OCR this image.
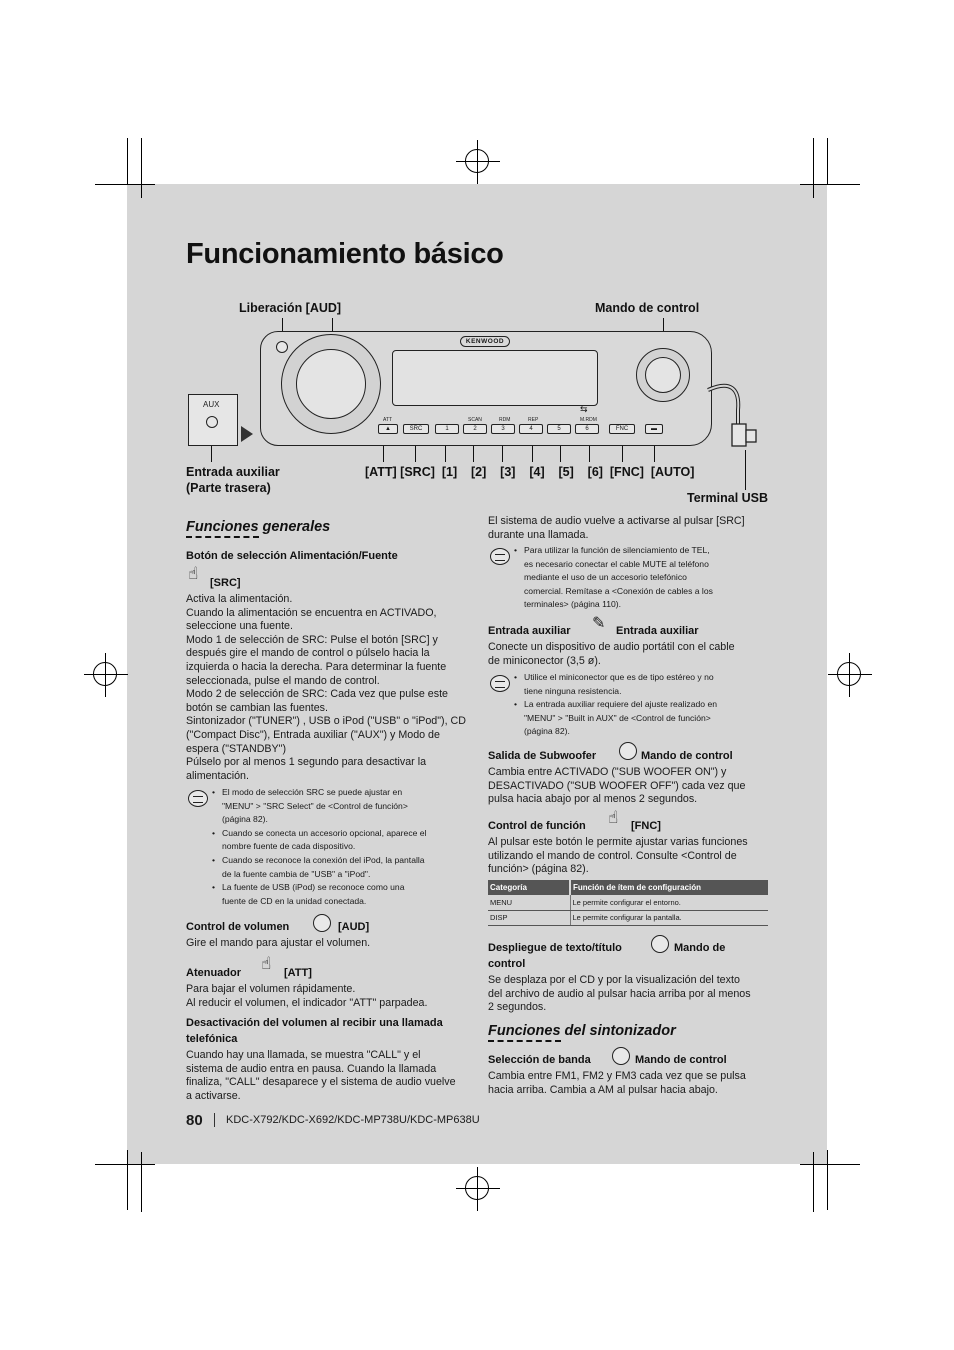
Funcionamiento básico
Liberación [AUD]	Mando de control
Entrada auxiliar
(Parte trasera)
[ATT] [SRC]  [1]    [2]    [3]    [4]    [5]    [6]  [FNC]  [AUTO]
Terminal USB
AUX
KENWOOD
⇆
▲	SRC	1	2	3	4	5	6	FNC	▬
ATT	SCAN	RDM	REP	M.RDM
Funciones generales
Botón de selección Alimentación/Fuente
☝ [SRC]
Activa la alimentación.
Cuando la alimentación se encuentra en ACTIVADO,
seleccione una fuente.
Modo 1 de selección de SRC: Pulse el botón [SRC] y
después gire el mando de control o púlselo hacia la
izquierda o hacia la derecha. Para determinar la fuente
seleccionada, pulse el mando de control.
Modo 2 de selección de SRC: Cada vez que pulse este
botón se cambian las fuentes.
Sintonizador ("TUNER") , USB o iPod ("USB" o "iPod"), CD
("Compact Disc"), Entrada auxiliar ("AUX") y Modo de
espera ("STANDBY")
Púlselo por al menos 1 segundo para desactivar la
alimentación.
• El modo de selección SRC se puede ajustar en
"MENU" > "SRC Select" de <Control de función>
(página 82).
• Cuando se conecta un accesorio opcional, aparece el
nombre fuente de cada dispositivo.
• Cuando se reconoce la conexión del iPod, la pantalla
de la fuente cambia de "USB" a "iPod".
• La fuente de USB (iPod) se reconoce como una
fuente de CD en la unidad conectada.
Control de volumen	[AUD]
Gire el mando para ajustar el volumen.
Atenuador ☝ [ATT]
Para bajar el volumen rápidamente.
Al reducir el volumen, el indicador "ATT" parpadea.
Desactivación del volumen al recibir una llamada
telefónica
Cuando hay una llamada, se muestra "CALL" y el
sistema de audio entra en pausa. Cuando la llamada
finaliza, "CALL" desaparece y el sistema de audio vuelve
a activarse.
El sistema de audio vuelve a activarse al pulsar [SRC]
durante una llamada.
• Para utilizar la función de silenciamiento de TEL,
es necesario conectar el cable MUTE al teléfono
mediante el uso de un accesorio telefónico
comercial. Remítase a <Conexión de cables a los
terminales> (página 110).
Entrada auxiliar ✎ Entrada auxiliar
Conecte un dispositivo de audio portátil con el cable
de miniconector (3,5 ø).
• Utilice el miniconector que es de tipo estéreo y no
tiene ninguna resistencia.
• La entrada auxiliar requiere del ajuste realizado en
"MENU" > "Built in AUX" de <Control de función>
(página 82).
Salida de Subwoofer	Mando de control
Cambia entre ACTIVADO ("SUB WOOFER ON") y
DESACTIVADO ("SUB WOOFER OFF") cada vez que
pulsa hacia abajo por al menos 2 segundos.
Control de función ☝ [FNC]
Al pulsar este botón le permite ajustar varias funciones
utilizando el mando de control. Consulte <Control de
función> (página 82).
Categoría	Función de ítem de configuración
MENU	Le permite configurar el entorno.
DISP	Le permite configurar la pantalla.
Despliegue de texto/título	Mando de
control
Se desplaza por el CD y por la visualización del texto
del archivo de audio al pulsar hacia arriba por al menos
2 segundos.
Funciones del sintonizador
Selección de banda	Mando de control
Cambia entre FM1, FM2 y FM3 cada vez que se pulsa
hacia arriba. Cambia a AM al pulsar hacia abajo.
80 KDC-X792/KDC-X692/KDC-MP738U/KDC-MP638U
